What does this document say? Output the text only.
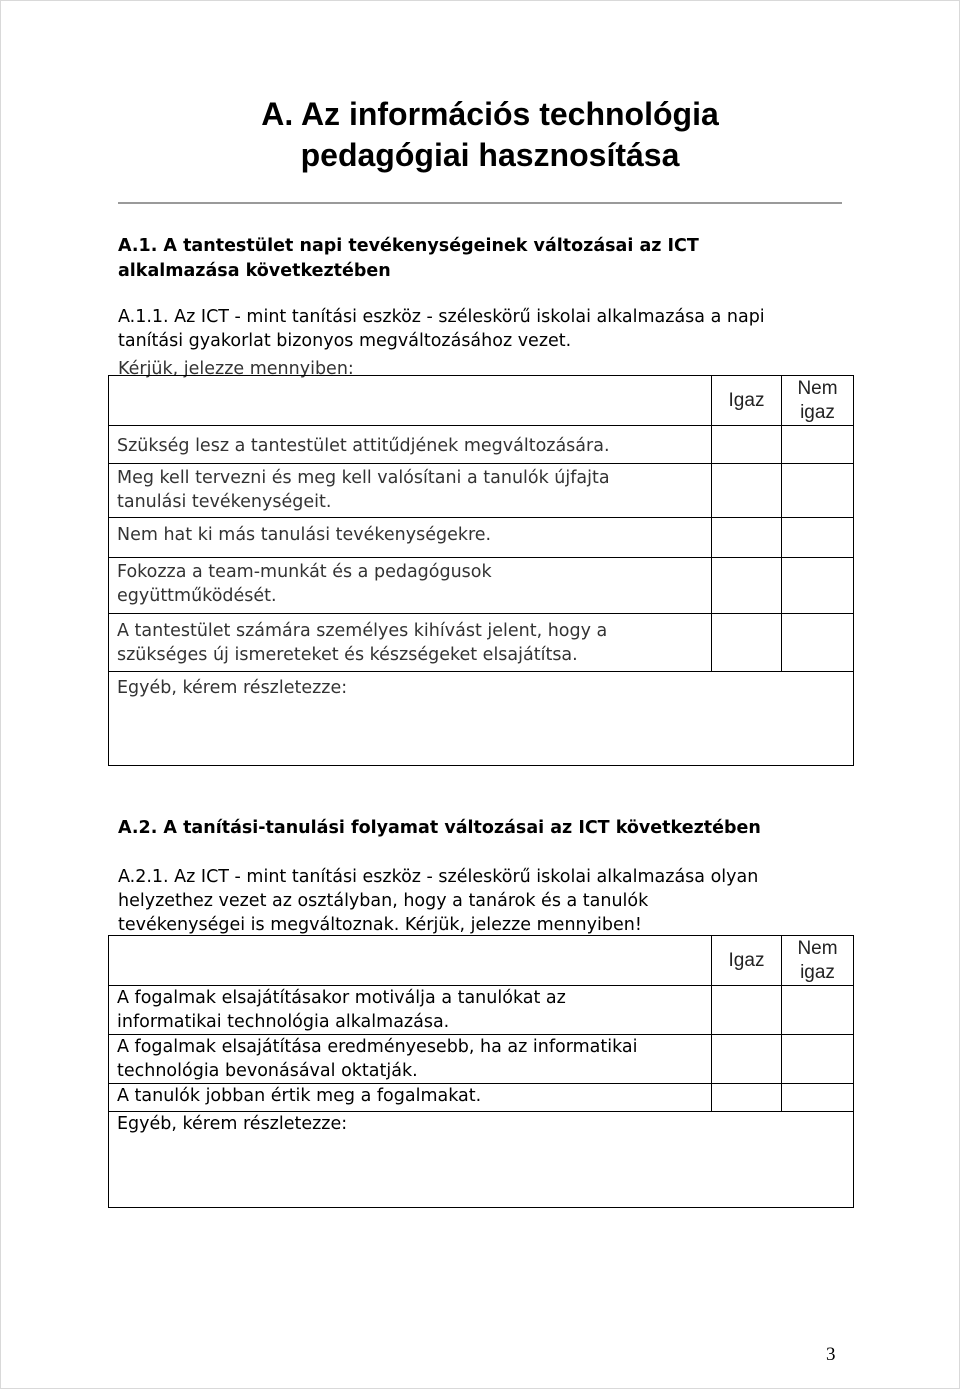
A. Az információs technológia
pedagógiai hasznosítása
A.1. A tantestület napi tevékenységeinek változásai az ICT
alkalmazása következtében
A.1.1. Az ICT - mint tanítási eszköz - széleskörű iskolai alkalmazása a napi
tanítási gyakorlat bizonyos megváltozásához vezet.

Kérjük, jelezze mennyiben:

	Igaz	Nem
igaz

Szükség lesz a tantestület attitűdjének megváltozására.		

Meg kell tervezni és meg kell valósítani a tanulók újfajta
tanulási tevékenységeit.		

Nem hat ki más tanulási tevékenységekre.		

Fokozza a team-munkát és a pedagógusok
együttműködését.		

A tantestület számára személyes kihívást jelent, hogy a
szükséges új ismereteket és készségeket elsajátítsa.		

Egyéb, kérem részletezze:		
A.2. A tanítási-tanulási folyamat változásai az ICT következtében
A.2.1. Az ICT - mint tanítási eszköz - széleskörű iskolai alkalmazása olyan
helyzethez vezet az osztályban, hogy a tanárok és a tanulók
tevékenységei is megváltoznak. Kérjük, jelezze mennyiben!
	Igaz	Nem
igaz

A fogalmak elsajátításakor motiválja a tanulókat az
informatikai technológia alkalmazása.		

A fogalmak elsajátítása eredményesebb, ha az informatikai
technológia bevonásával oktatják.		

A tanulók jobban értik meg a fogalmakat.		

Egyéb, kérem részletezze:		

3
